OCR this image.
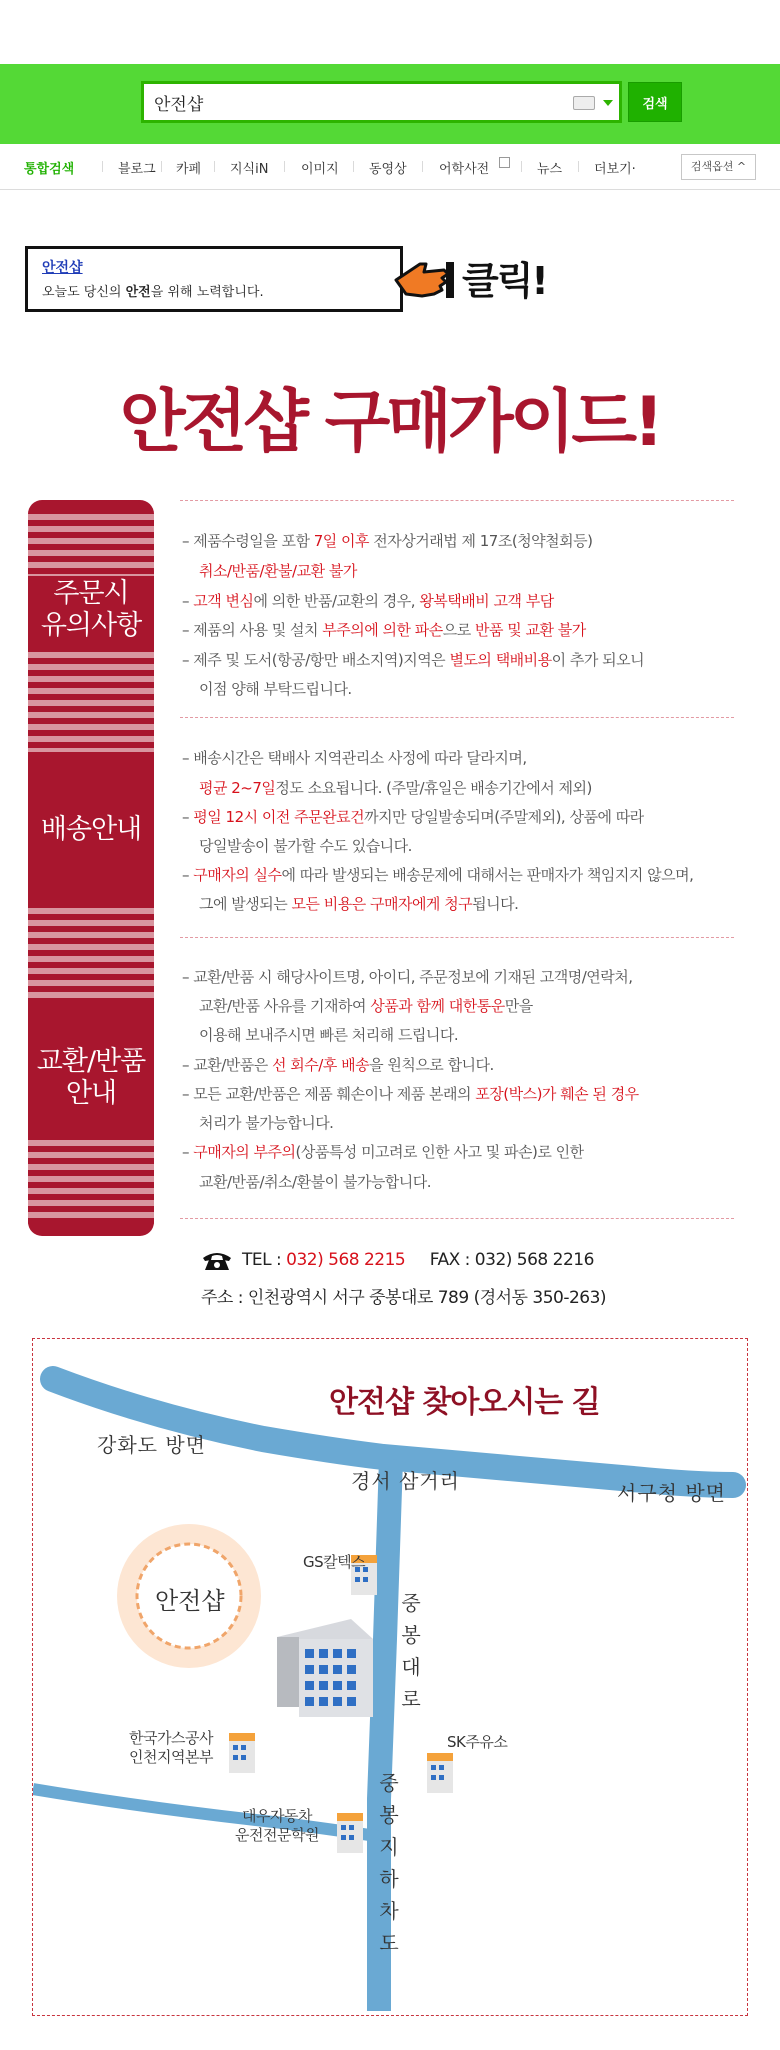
안전샵
검색
통합검색	블로그 카페 지식iN	이미지 동영상 어학사전	뉴스 더보기·	검색옵션 ^
안전샵
오늘도 당신의 안전을 위해 노력합니다.	클릭!
안전샵 구매가이드!
주문시
유의사항
배송안내
교환/반품
안내
– 제품수령일을 포함 7일 이후 전자상거래법 제 17조(청약철회등)
취소/반품/환불/교환 불가
– 고객 변심에 의한 반품/교환의 경우, 왕복택배비 고객 부담
– 제품의 사용 및 설치 부주의에 의한 파손으로 반품 및 교환 불가
– 제주 및 도서(항공/항만 배소지역)지역은 별도의 택배비용이 추가 되오니
이점 양해 부탁드립니다.
– 배송시간은 택배사 지역관리소 사정에 따라 달라지며,
평균 2~7일정도 소요됩니다. (주말/휴일은 배송기간에서 제외)
– 평일 12시 이전 주문완료건까지만 당일발송되며(주말제외), 상품에 따라
당일발송이 불가할 수도 있습니다.
– 구매자의 실수에 따라 발생되는 배송문제에 대해서는 판매자가 책임지지 않으며,
그에 발생되는 모든 비용은 구매자에게 청구됩니다.
– 교환/반품 시 해당사이트명, 아이디, 주문정보에 기재된 고객명/연락처,
교환/반품 사유를 기재하여 상품과 함께 대한통운만을
이용해 보내주시면 빠른 처리해 드립니다.
– 교환/반품은 선 회수/후 배송을 원칙으로 합니다.
– 모든 교환/반품은 제품 훼손이나 제품 본래의 포장(박스)가 훼손 된 경우
처리가 불가능합니다.
– 구매자의 부주의(상품특성 미고려로 인한 사고 및 파손)로 인한
교환/반품/취소/환불이 불가능합니다.
TEL : 032) 568 2215 FAX : 032) 568 2216
주소 : 인천광역시 서구 중봉대로 789 (경서동 350-263)
안전샵 찾아오시는 길
강화도 방면
경서 삼거리	서구청 방면
GS칼텍스
중봉대로
안전샵
한국가스공사
인천지역본부
SK주유소
대우자동차
운전전문학원
중봉지하차도
